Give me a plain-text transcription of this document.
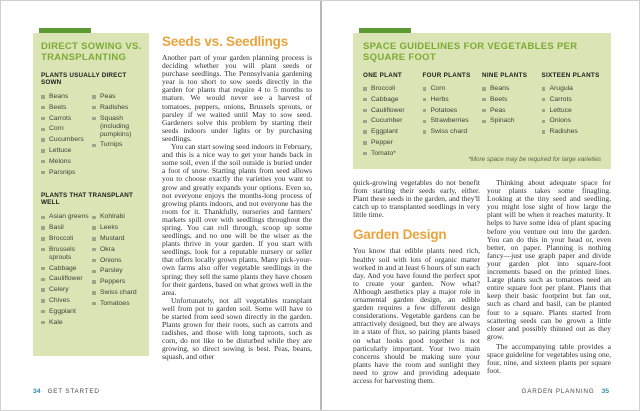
DIRECT SOWING VS. TRANSPLANTING
PLANTS USUALLY DIRECT SOWN
Beans
Beets
Carrots
Corn
Cucumbers
Lettuce
Melons
Parsnips
Peas
Radishes
Squash (including pumpkins)
Turnips
PLANTS THAT TRANSPLANT WELL
Asian greens
Basil
Broccoli
Brussels sprouts
Cabbage
Cauliflower
Celery
Chives
Eggplant
Kale
Kohlrabi
Leeks
Mustard
Okra
Onions
Parsley
Peppers
Swiss chard
Tomatoes
Seeds vs. Seedlings

Another part of your garden planning process is deciding whether you will plant seeds or purchase seedlings. The Pennsylvania gardening year is too short to sow seeds directly in the garden for plants that require 4 to 5 months to mature. We would never see a harvest of tomatoes, peppers, onions, Brussels sprouts, or parsley if we waited until May to sow seed. Gardeners solve this problem by starting their seeds indoors under lights or by purchasing seedlings.

You can start sowing seed indoors in February, and this is a nice way to get your hands back in some soil, even if the soil outside is buried under a foot of snow. Starting plants from seed allows you to choose exactly the varieties you want to grow and greatly expands your options. Even so, not everyone enjoys the months-long process of growing plants indoors, and not everyone has the room for it. Thankfully, nurseries and farmers' markets spill over with seedlings throughout the spring. You can roll through, scoop up some seedlings, and no one will be the wiser as the plants thrive in your garden. If you start with seedlings, look for a reputable nursery or seller that offers locally grown plants. Many pick-your-own farms also offer vegetable seedlings in the spring; they sell the same plants they have chosen for their gardens, based on what grows well in the area.

Unfortunately, not all vegetables transplant well from pot to garden soil. Some will have to be started from seed sown directly in the garden. Plants grown for their roots, such as carrots and radishes, and those with long taproots, such as corn, do not like to be disturbed while they are growing, so direct sowing is best. Peas, beans, squash, and other

34 GET STARTED
SPACE GUIDELINES FOR VEGETABLES PER SQUARE FOOT
ONE PLANT
Broccoli
Cabbage
Cauliflower
Cucumber
Eggplant
Pepper
Tomato*
FOUR PLANTS
Corn
Herbs
Potatoes
Strawberries
Swiss chard
NINE PLANTS
Beans
Beets
Peas
Spinach
SIXTEEN PLANTS
Arugula
Carrots
Lettuce
Onions
Radishes

*More space may be required for large varieties

quick-growing vegetables do not benefit from starting their seeds early, either. Plant these seeds in the garden, and they'll catch up to transplanted seedlings in very little time.

Garden Design

You know that edible plants need rich, healthy soil with lots of organic matter worked in and at least 6 hours of sun each day. And you have found the perfect spot to create your garden. Now what? Although aesthetics play a major role in ornamental garden design, an edible garden requires a few different design considerations. Vegetable gardens can be attractively designed, but they are always in a state of flux, so pairing plants based on what looks good together is not particularly important. Your two main concerns should be making sure your plants have the room and sunlight they need to grow and providing adequate access for harvesting them.

Thinking about adequate space for your plants takes some finagling. Looking at the tiny seed and seedling, you might lose sight of how large the plant will be when it reaches maturity. It helps to have some idea of plant spacing before you venture out into the garden. You can do this in your head or, even better, on paper. Planning is nothing fancy—just use graph paper and divide your garden plot into square-foot increments based on the printed lines. Large plants such as tomatoes need an entire square foot per plant. Plants that keep their basic footprint but fan out, such as chard and basil, can be planted four to a square. Plants started from scattering seeds can be grown a little closer and possibly thinned out as they grow.

The accompanying table provides a space guideline for vegetables using one, four, nine, and sixteen plants per square foot.

GARDEN PLANNING 35
